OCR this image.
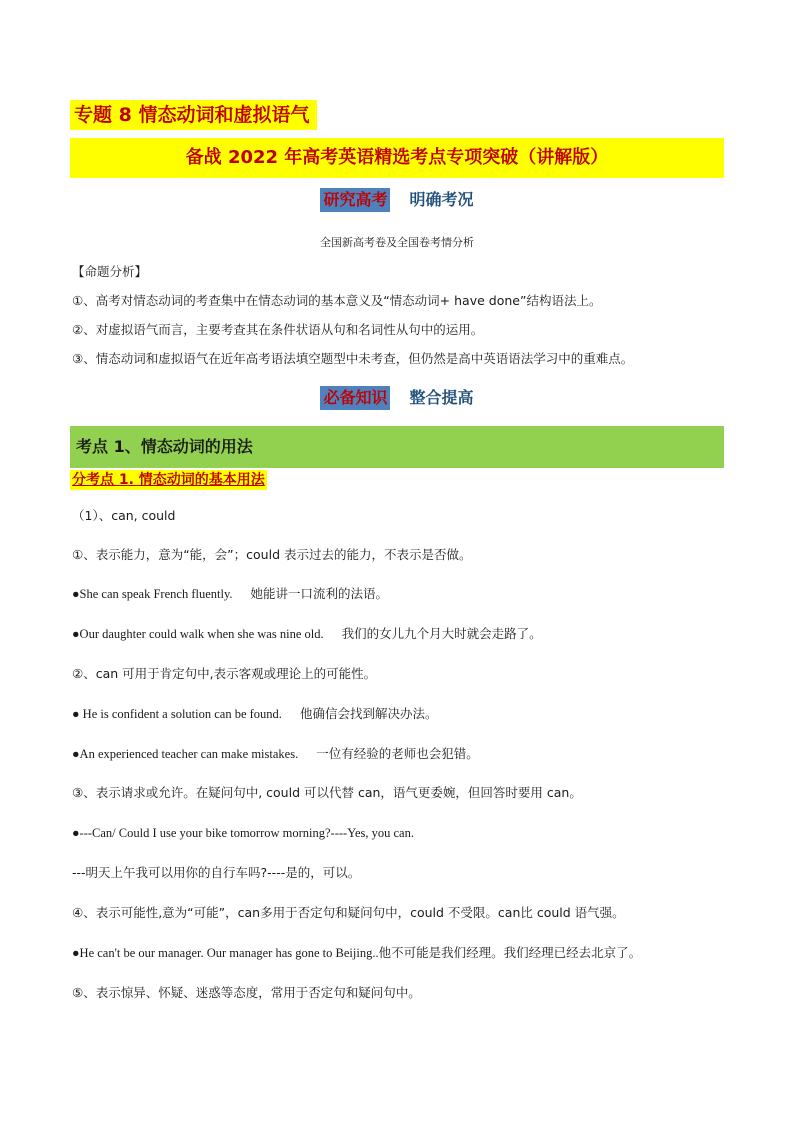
专题 8 情态动词和虚拟语气
备战 2022 年高考英语精选考点专项突破（讲解版）
研究高考 明确考况
全国新高考卷及全国卷考情分析
【命题分析】
①、高考对情态动词的考查集中在情态动词的基本意义及“情态动词+ have done”结构语法上。
②、对虚拟语气而言，主要考查其在条件状语从句和名词性从句中的运用。
③、情态动词和虚拟语气在近年高考语法填空题型中未考查，但仍然是高中英语语法学习中的重难点。
必备知识 整合提高
考点 1、情态动词的用法
分考点 1. 情态动词的基本用法
（1）、can, could
①、表示能力，意为“能，会”；could 表示过去的能力，不表示是否做。
●She can speak French fluently. 她能讲一口流利的法语。
●Our daughter could walk when she was nine old. 我们的女儿九个月大时就会走路了。
②、can 可用于肯定句中,表示客观或理论上的可能性。
● He is confident a solution can be found. 他确信会找到解决办法。
●An experienced teacher can make mistakes. 一位有经验的老师也会犯错。
③、表示请求或允许。在疑问句中, could 可以代替 can，语气更委婉，但回答时要用 can。
●---Can/ Could I use your bike tomorrow morning?----Yes, you can.
---明天上午我可以用你的自行车吗?----是的，可以。
④、表示可能性,意为“可能”，can多用于否定句和疑问句中，could 不受限。can比 could 语气强。
●He can't be our manager. Our manager has gone to Beijing..他不可能是我们经理。我们经理已经去北京了。
⑤、表示惊异、怀疑、迷惑等态度，常用于否定句和疑问句中。
